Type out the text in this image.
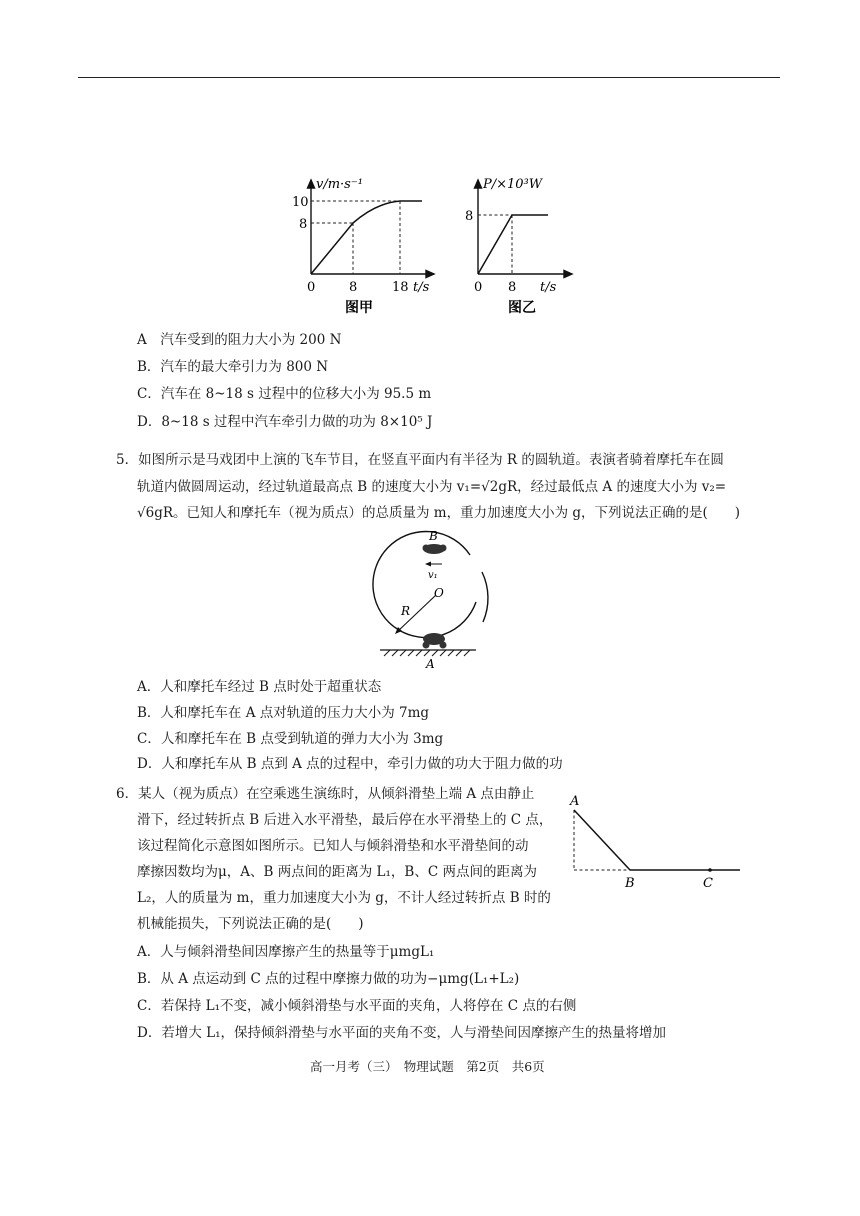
v/m·s⁻¹
10
8
0	8	18 t/s
图甲
P/×10³W
8
0 8 t/s
图乙
A　汽车受到的阻力大小为 200 N
B．汽车的最大牵引力为 800 N
C．汽车在 8~18 s 过程中的位移大小为 95.5 m
D．8~18 s 过程中汽车牵引力做的功为 8×10⁵ J
5．如图所示是马戏团中上演的飞车节目，在竖直平面内有半径为 R 的圆轨道。表演者骑着摩托车在圆
轨道内做圆周运动，经过轨道最高点 B 的速度大小为 v₁=√2gR，经过最低点 A 的速度大小为 v₂=
√6gR。已知人和摩托车（视为质点）的总质量为 m，重力加速度大小为 g，下列说法正确的是(　　)
B
v₁
O
R
A
A．人和摩托车经过 B 点时处于超重状态
B．人和摩托车在 A 点对轨道的压力大小为 7mg
C．人和摩托车在 B 点受到轨道的弹力大小为 3mg
D．人和摩托车从 B 点到 A 点的过程中，牵引力做的功大于阻力做的功
6．某人（视为质点）在空乘逃生演练时，从倾斜滑垫上端 A 点由静止
滑下，经过转折点 B 后进入水平滑垫，最后停在水平滑垫上的 C 点，
该过程简化示意图如图所示。已知人与倾斜滑垫和水平滑垫间的动
摩擦因数均为μ，A、B 两点间的距离为 L₁，B、C 两点间的距离为
L₂，人的质量为 m，重力加速度大小为 g，不计人经过转折点 B 时的
机械能损失，下列说法正确的是(　　)
A
B	C
A．人与倾斜滑垫间因摩擦产生的热量等于μmgL₁
B．从 A 点运动到 C 点的过程中摩擦力做的功为−μmg(L₁+L₂)
C．若保持 L₁不变，减小倾斜滑垫与水平面的夹角，人将停在 C 点的右侧
D．若增大 L₁，保持倾斜滑垫与水平面的夹角不变，人与滑垫间因摩擦产生的热量将增加
高一月考（三）　物理试题　第2页　共6页
